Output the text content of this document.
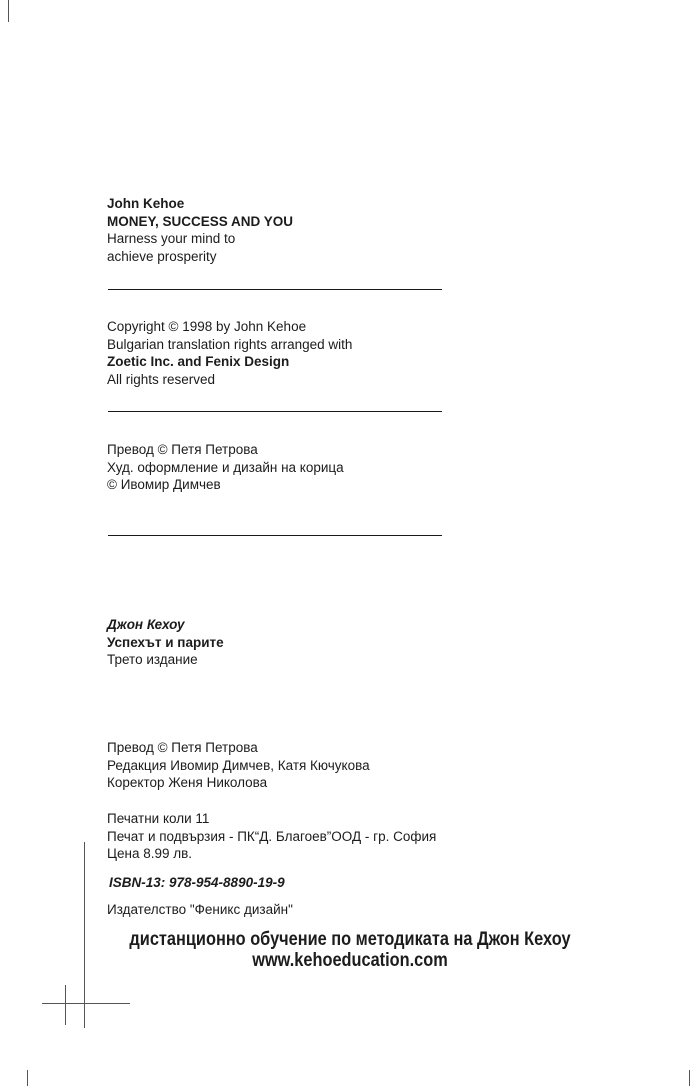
John Kehoe
MONEY, SUCCESS AND YOU
Harness your mind to
achieve prosperity
Copyright © 1998 by John Kehoe
Bulgarian translation rights arranged with
Zoetic Inc. and Fenix Design
All rights reserved
Превод © Петя Петрова
Худ. оформление и дизайн на корица
© Ивомир Димчев
Джон Кехоу
Успехът и парите
Трето издание
Превод © Петя Петрова
Редакция Ивомир Димчев, Катя Кючукова
Коректор Женя Николова
Печатни коли 11
Печат и подвързия - ПК“Д. Благоев”ООД - гр. София
Цена 8.99 лв.
ISBN-13: 978-954-8890-19-9
Издателство "Феникс дизайн"
дистанционно обучение по методиката на Джон Кехоу
www.kehoeducation.com
